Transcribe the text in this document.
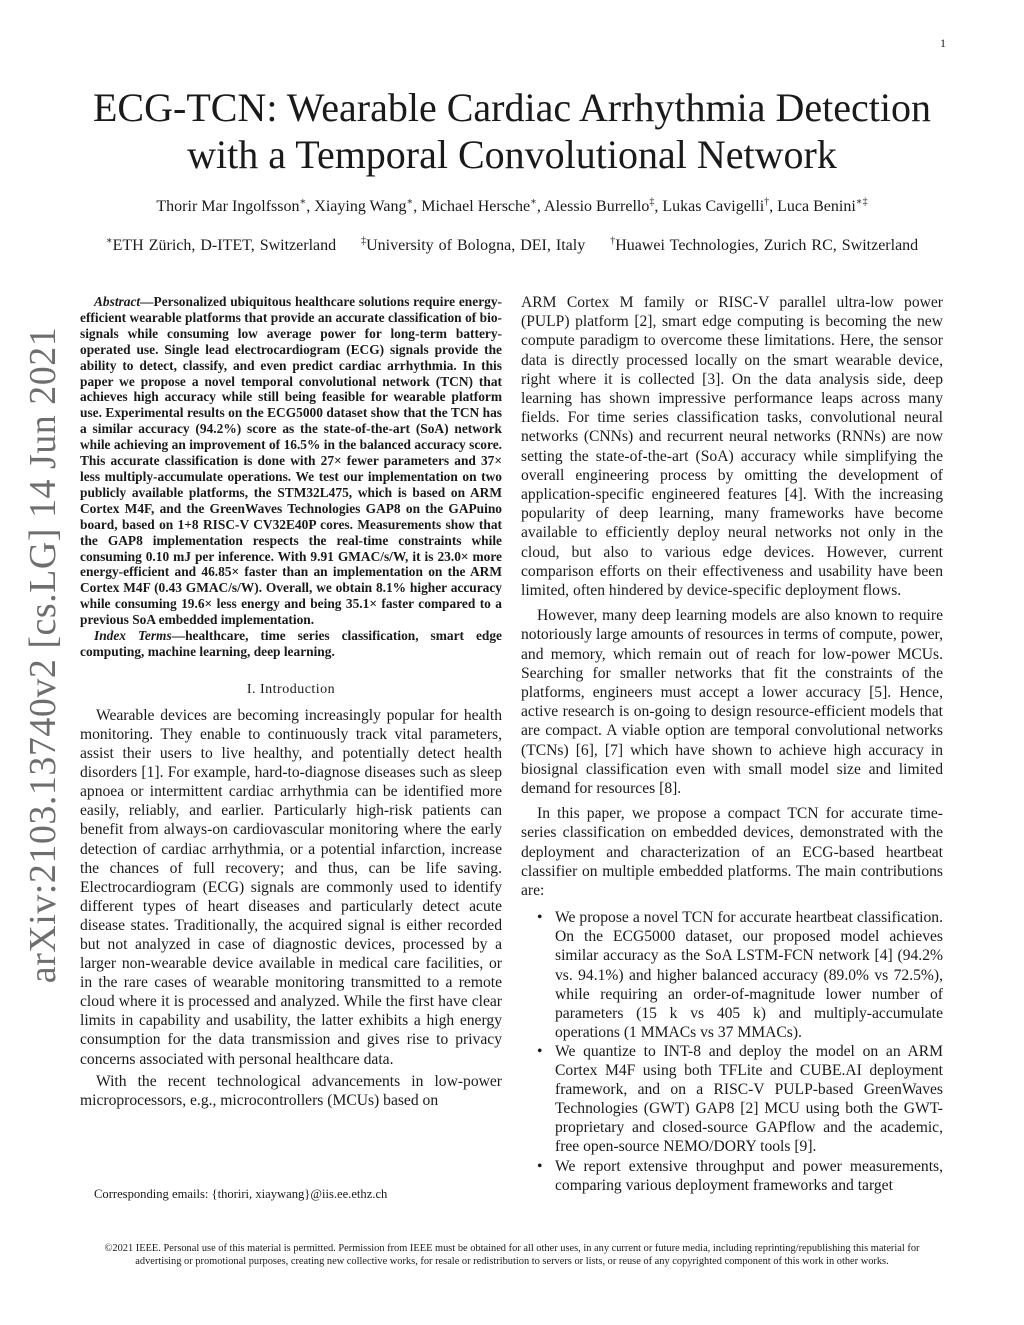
1
arXiv:2103.13740v2 [cs.LG] 14 Jun 2021
ECG-TCN: Wearable Cardiac Arrhythmia Detection
with a Temporal Convolutional Network
Thorir Mar Ingolfsson∗, Xiaying Wang∗, Michael Hersche∗, Alessio Burrello‡, Lukas Cavigelli†, Luca Benini∗‡
∗ETH Zürich, D-ITET, Switzerland	‡University of Bologna, DEI, Italy	†Huawei Technologies, Zurich RC, Switzerland

Abstract — Personalized ubiquitous healthcare solutions require energy-efficient wearable platforms that provide an accurate classification of bio-signals while consuming low average power for long-term battery-operated use. Single lead electrocardiogram (ECG) signals provide the ability to detect, classify, and even predict cardiac arrhythmia. In this paper we propose a novel temporal convolutional network (TCN) that achieves high accuracy while still being feasible for wearable platform use. Experimental results on the ECG5000 dataset show that the TCN has a similar accuracy (94.2%) score as the state-of-the-art (SoA) network while achieving an improvement of 16.5% in the balanced accuracy score. This accurate classification is done with 27× fewer parameters and 37× less multiply-accumulate operations. We test our implementation on two publicly available platforms, the STM32L475, which is based on ARM Cortex M4F, and the GreenWaves Technologies GAP8 on the GAPuino board, based on 1+8 RISC-V CV32E40P cores. Measurements show that the GAP8 implementation respects the real-time constraints while consuming 0.10 mJ per inference. With 9.91 GMAC/s/W, it is 23.0× more energy-efficient and 46.85× faster than an implementation on the ARM Cortex M4F (0.43 GMAC/s/W). Overall, we obtain 8.1% higher accuracy while consuming 19.6× less energy and being 35.1× faster compared to a previous SoA embedded implementation.

Index Terms — healthcare, time series classification, smart edge computing, machine learning, deep learning.

I. Introduction

Wearable devices are becoming increasingly popular for health monitoring. They enable to continuously track vital parameters, assist their users to live healthy, and potentially detect health disorders [1]. For example, hard-to-diagnose diseases such as sleep apnoea or intermittent cardiac arrhythmia can be identified more easily, reliably, and earlier. Particularly high-risk patients can benefit from always-on cardiovascular monitoring where the early detection of cardiac arrhythmia, or a potential infarction, increase the chances of full recovery; and thus, can be life saving. Electrocardiogram (ECG) signals are commonly used to identify different types of heart diseases and particularly detect acute disease states. Traditionally, the acquired signal is either recorded but not analyzed in case of diagnostic devices, processed by a larger non-wearable device available in medical care facilities, or in the rare cases of wearable monitoring transmitted to a remote cloud where it is processed and analyzed. While the first have clear limits in capability and usability, the latter exhibits a high energy consumption for the data transmission and gives rise to privacy concerns associated with personal healthcare data.

With the recent technological advancements in low-power microprocessors, e.g., microcontrollers (MCUs) based on

ARM Cortex M family or RISC-V parallel ultra-low power (PULP) platform [2], smart edge computing is becoming the new compute paradigm to overcome these limitations. Here, the sensor data is directly processed locally on the smart wearable device, right where it is collected [3]. On the data analysis side, deep learning has shown impressive performance leaps across many fields. For time series classification tasks, convolutional neural networks (CNNs) and recurrent neural networks (RNNs) are now setting the state-of-the-art (SoA) accuracy while simplifying the overall engineering process by omitting the development of application-specific engineered features [4]. With the increasing popularity of deep learning, many frameworks have become available to efficiently deploy neural networks not only in the cloud, but also to various edge devices. However, current comparison efforts on their effectiveness and usability have been limited, often hindered by device-specific deployment flows.

However, many deep learning models are also known to require notoriously large amounts of resources in terms of compute, power, and memory, which remain out of reach for low-power MCUs. Searching for smaller networks that fit the constraints of the platforms, engineers must accept a lower accuracy [5]. Hence, active research is on-going to design resource-efficient models that are compact. A viable option are temporal convolutional networks (TCNs) [6], [7] which have shown to achieve high accuracy in biosignal classification even with small model size and limited demand for resources [8].

In this paper, we propose a compact TCN for accurate time-series classification on embedded devices, demonstrated with the deployment and characterization of an ECG-based heartbeat classifier on multiple embedded platforms. The main contributions are:

• We propose a novel TCN for accurate heartbeat classification. On the ECG5000 dataset, our proposed model achieves similar accuracy as the SoA LSTM-FCN network [4] (94.2% vs. 94.1%) and higher balanced accuracy (89.0% vs 72.5%), while requiring an order-of-magnitude lower number of parameters (15 k vs 405 k) and multiply-accumulate operations (1 MMACs vs 37 MMACs).
• We quantize to INT-8 and deploy the model on an ARM Cortex M4F using both TFLite and CUBE.AI deployment framework, and on a RISC-V PULP-based GreenWaves Technologies (GWT) GAP8 [2] MCU using both the GWT-proprietary and closed-source GAPflow and the academic, free open-source NEMO/DORY tools [9].
• We report extensive throughput and power measurements, comparing various deployment frameworks and target
Corresponding emails: {thoriri, xiaywang}@iis.ee.ethz.ch
©2021 IEEE. Personal use of this material is permitted. Permission from IEEE must be obtained for all other uses, in any current or future media, including reprinting/republishing this material for advertising or promotional purposes, creating new collective works, for resale or redistribution to servers or lists, or reuse of any copyrighted component of this work in other works.
